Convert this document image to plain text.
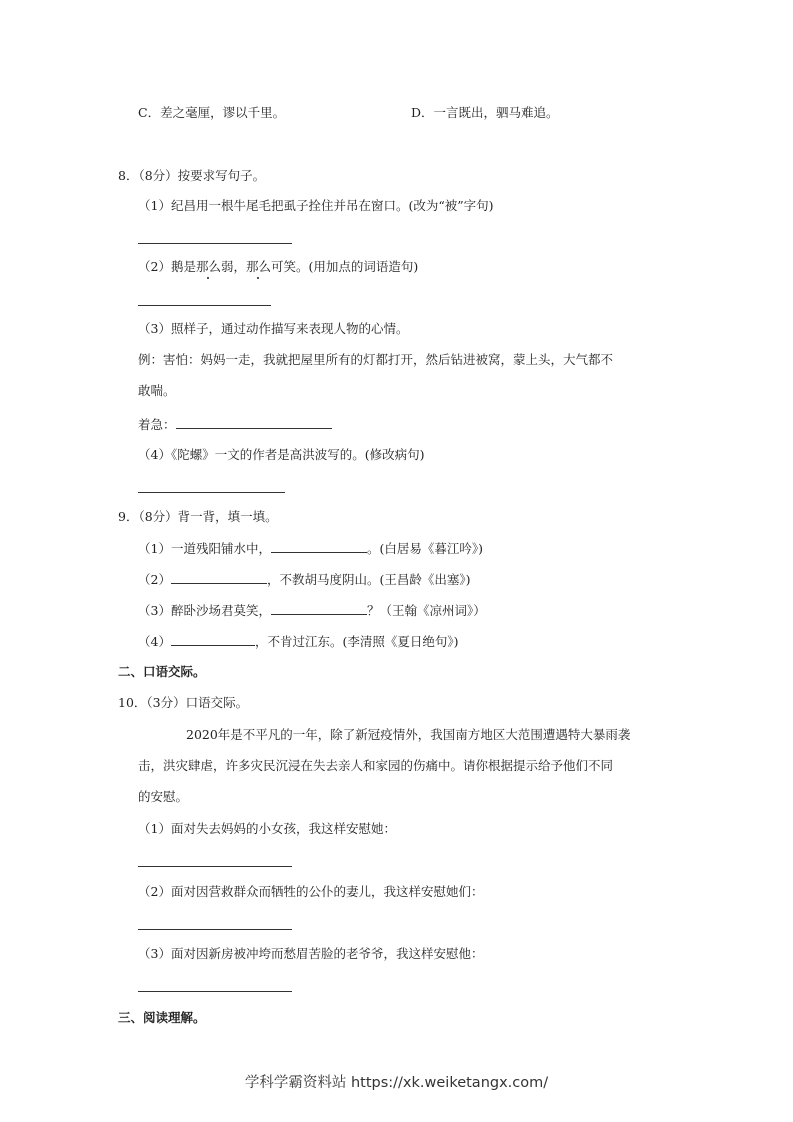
C．差之毫厘，谬以千里。	D．一言既出，驷马难追。
8．（8分）按要求写句子。
（1）纪昌用一根牛尾毛把虱子拴住并吊在窗口。(改为“被”字句)
（2）鹅是那么弱，那么可笑。(用加点的词语造句)
（3）照样子，通过动作描写来表现人物的心情。
例：害怕：妈妈一走，我就把屋里所有的灯都打开，然后钻进被窝，蒙上头，大气都不
敢喘。
着急：
（4）《陀螺》一文的作者是高洪波写的。(修改病句)
9．（8分）背一背，填一填。
（1）一道残阳铺水中，	。(白居易《暮江吟》)
（2）	，不教胡马度阴山。(王昌龄《出塞》)
（3）醉卧沙场君莫笑，	？（王翰《凉州词》）
（4）	，不肯过江东。(李清照《夏日绝句》)
二、口语交际。
10．（3分）口语交际。
2020年是不平凡的一年，除了新冠疫情外，我国南方地区大范围遭遇特大暴雨袭
击，洪灾肆虐，许多灾民沉浸在失去亲人和家园的伤痛中。请你根据提示给予他们不同
的安慰。
（1）面对失去妈妈的小女孩，我这样安慰她：
（2）面对因营救群众而牺牲的公仆的妻儿，我这样安慰她们：
（3）面对因新房被冲垮而愁眉苦脸的老爷爷，我这样安慰他：
三、阅读理解。
学科学霸资料站 https://xk.weiketangx.com/
